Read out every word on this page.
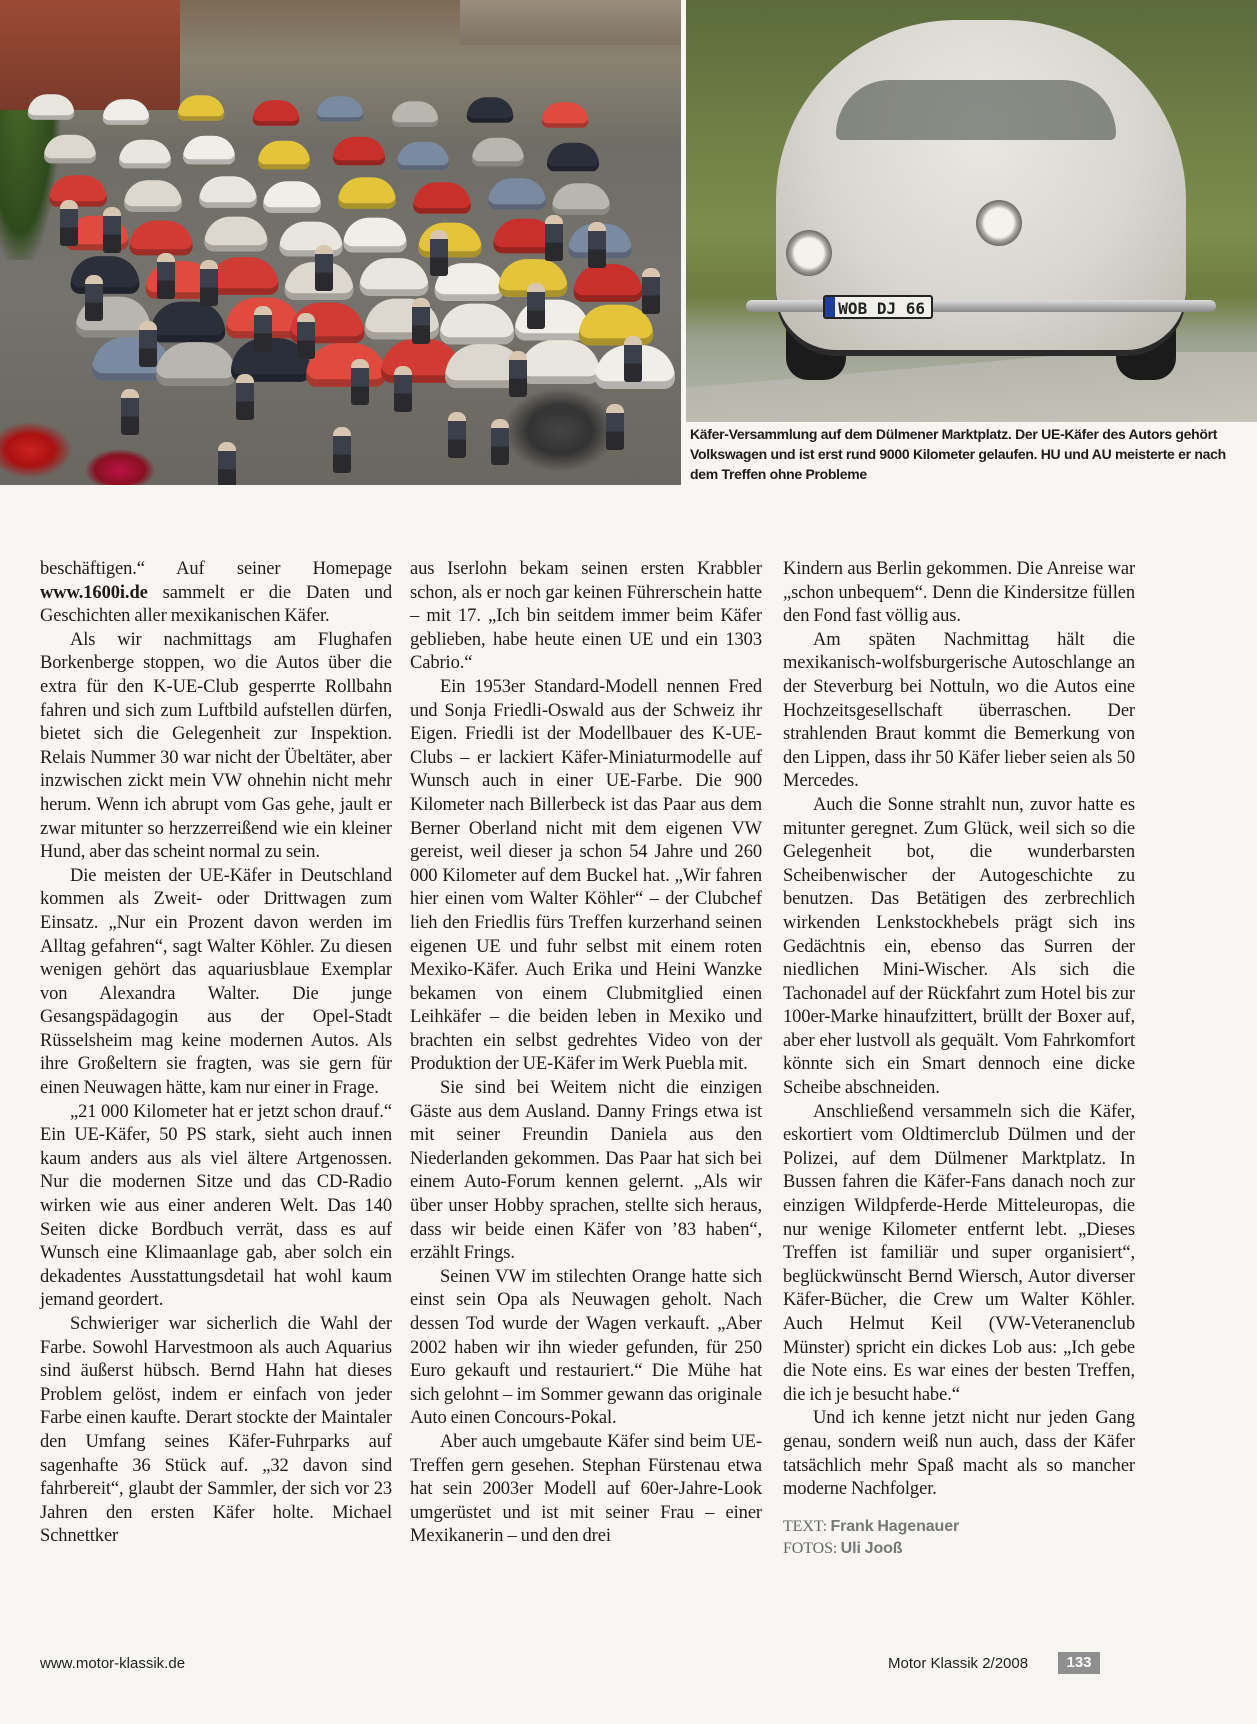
WOB DJ 66
Käfer-Versammlung auf dem Dülmener Marktplatz. Der UE-Käfer des Autors gehört Volkswagen und ist erst rund 9000 Kilometer gelaufen. HU und AU meisterte er nach dem Treffen ohne Probleme

beschäftigen.“ Auf seiner Homepage www.1600i.de sammelt er die Daten und Geschichten aller mexikanischen Käfer.

Als wir nachmittags am Flughafen Borkenberge stoppen, wo die Autos über die extra für den K-UE-Club gesperrte Rollbahn fahren und sich zum Luftbild aufstellen dürfen, bietet sich die Gelegenheit zur Inspektion. Relais Nummer 30 war nicht der Übeltäter, aber inzwischen zickt mein VW ohnehin nicht mehr herum. Wenn ich abrupt vom Gas gehe, jault er zwar mitunter so herzzerreißend wie ein kleiner Hund, aber das scheint normal zu sein.

Die meisten der UE-Käfer in Deutschland kommen als Zweit- oder Drittwagen zum Einsatz. „Nur ein Prozent davon werden im Alltag gefahren“, sagt Walter Köhler. Zu diesen wenigen gehört das aquariusblaue Exemplar von Alexandra Walter. Die junge Gesangspädagogin aus der Opel-Stadt Rüsselsheim mag keine modernen Autos. Als ihre Großeltern sie fragten, was sie gern für einen Neuwagen hätte, kam nur einer in Frage.

„21 000 Kilometer hat er jetzt schon drauf.“ Ein UE-Käfer, 50 PS stark, sieht auch innen kaum anders aus als viel ältere Artgenossen. Nur die modernen Sitze und das CD-Radio wirken wie aus einer anderen Welt. Das 140 Seiten dicke Bordbuch verrät, dass es auf Wunsch eine Klimaanlage gab, aber solch ein dekadentes Ausstattungsdetail hat wohl kaum jemand geordert.

Schwieriger war sicherlich die Wahl der Farbe. Sowohl Harvestmoon als auch Aquarius sind äußerst hübsch. Bernd Hahn hat dieses Problem gelöst, indem er einfach von jeder Farbe einen kaufte. Derart stockte der Maintaler den Umfang seines Käfer-Fuhrparks auf sagenhafte 36 Stück auf. „32 davon sind fahrbereit“, glaubt der Sammler, der sich vor 23 Jahren den ersten Käfer holte. Michael Schnettker

aus Iserlohn bekam seinen ersten Krabbler schon, als er noch gar keinen Führerschein hatte – mit 17. „Ich bin seitdem immer beim Käfer geblieben, habe heute einen UE und ein 1303 Cabrio.“

Ein 1953er Standard-Modell nennen Fred und Sonja Friedli-Oswald aus der Schweiz ihr Eigen. Friedli ist der Modellbauer des K-UE-Clubs – er lackiert Käfer-Miniaturmodelle auf Wunsch auch in einer UE-Farbe. Die 900 Kilometer nach Billerbeck ist das Paar aus dem Berner Oberland nicht mit dem eigenen VW gereist, weil dieser ja schon 54 Jahre und 260 000 Kilometer auf dem Buckel hat. „Wir fahren hier einen vom Walter Köhler“ – der Clubchef lieh den Friedlis fürs Treffen kurzerhand seinen eigenen UE und fuhr selbst mit einem roten Mexiko-Käfer. Auch Erika und Heini Wanzke bekamen von einem Clubmitglied einen Leihkäfer – die beiden leben in Mexiko und brachten ein selbst gedrehtes Video von der Produktion der UE-Käfer im Werk Puebla mit.

Sie sind bei Weitem nicht die einzigen Gäste aus dem Ausland. Danny Frings etwa ist mit seiner Freundin Daniela aus den Niederlanden gekommen. Das Paar hat sich bei einem Auto-Forum kennen gelernt. „Als wir über unser Hobby sprachen, stellte sich heraus, dass wir beide einen Käfer von ’83 haben“, erzählt Frings.

Seinen VW im stilechten Orange hatte sich einst sein Opa als Neuwagen geholt. Nach dessen Tod wurde der Wagen verkauft. „Aber 2002 haben wir ihn wieder gefunden, für 250 Euro gekauft und restauriert.“ Die Mühe hat sich gelohnt – im Sommer gewann das originale Auto einen Concours-Pokal.

Aber auch umgebaute Käfer sind beim UE-Treffen gern gesehen. Stephan Fürstenau etwa hat sein 2003er Modell auf 60er-Jahre-Look umgerüstet und ist mit seiner Frau – einer Mexikanerin – und den drei

Kindern aus Berlin gekommen. Die Anreise war „schon unbequem“. Denn die Kindersitze füllen den Fond fast völlig aus.

Am späten Nachmittag hält die mexikanisch-wolfsburgerische Autoschlange an der Steverburg bei Nottuln, wo die Autos eine Hochzeitsgesellschaft überraschen. Der strahlenden Braut kommt die Bemerkung von den Lippen, dass ihr 50 Käfer lieber seien als 50 Mercedes.

Auch die Sonne strahlt nun, zuvor hatte es mitunter geregnet. Zum Glück, weil sich so die Gelegenheit bot, die wunderbarsten Scheibenwischer der Autogeschichte zu benutzen. Das Betätigen des zerbrechlich wirkenden Lenkstockhebels prägt sich ins Gedächtnis ein, ebenso das Surren der niedlichen Mini-Wischer. Als sich die Tachonadel auf der Rückfahrt zum Hotel bis zur 100er-Marke hinaufzittert, brüllt der Boxer auf, aber eher lustvoll als gequält. Vom Fahrkomfort könnte sich ein Smart dennoch eine dicke Scheibe abschneiden.

Anschließend versammeln sich die Käfer, eskortiert vom Oldtimerclub Dülmen und der Polizei, auf dem Dülmener Marktplatz. In Bussen fahren die Käfer-Fans danach noch zur einzigen Wildpferde-Herde Mitteleuropas, die nur wenige Kilometer entfernt lebt. „Dieses Treffen ist familiär und super organisiert“, beglückwünscht Bernd Wiersch, Autor diverser Käfer-Bücher, die Crew um Walter Köhler. Auch Helmut Keil (VW-Veteranenclub Münster) spricht ein dickes Lob aus: „Ich gebe die Note eins. Es war eines der besten Treffen, die ich je besucht habe.“

Und ich kenne jetzt nicht nur jeden Gang genau, sondern weiß nun auch, dass der Käfer tatsächlich mehr Spaß macht als so mancher moderne Nachfolger.

TEXT: Frank Hagenauer
FOTOS: Uli Jooß
www.motor-klassik.de	Motor Klassik 2/2008	133
